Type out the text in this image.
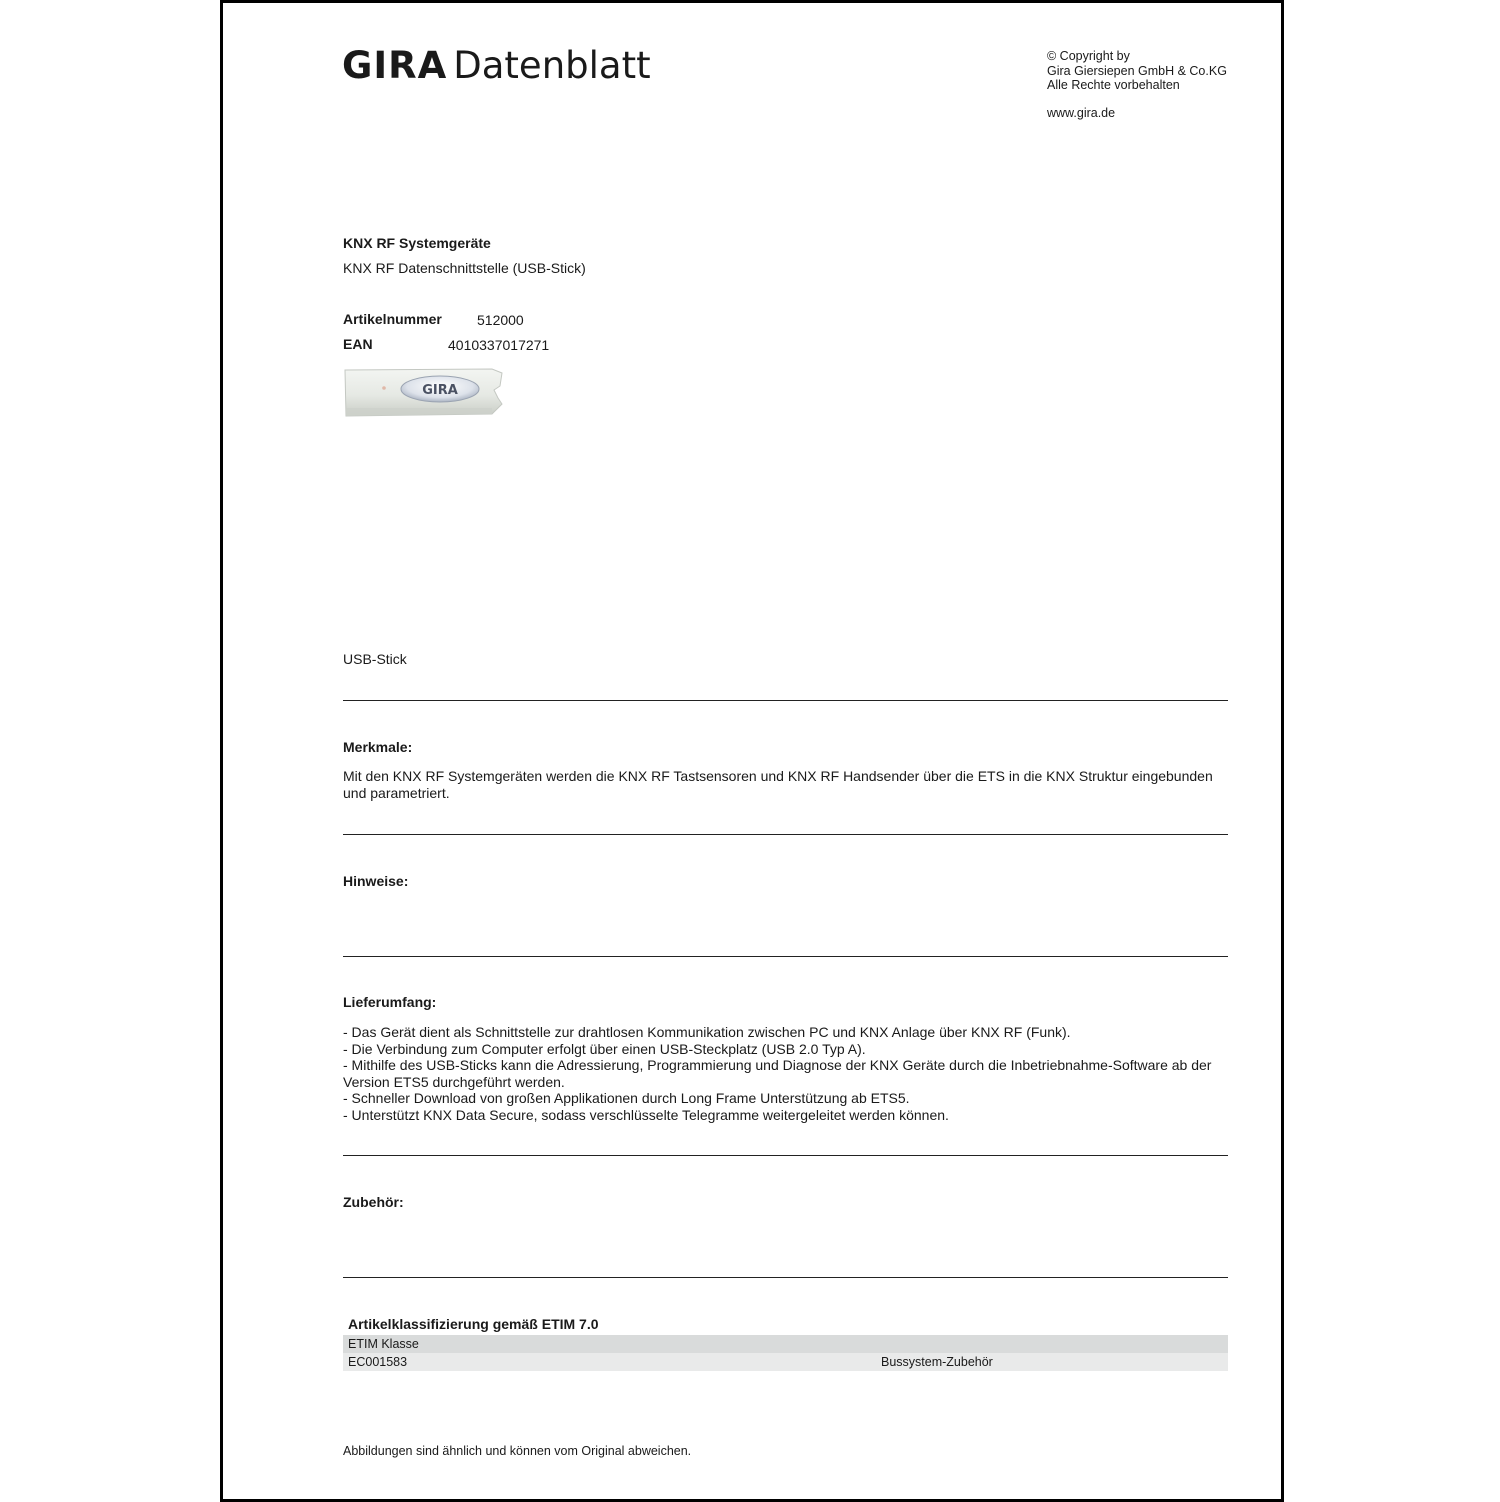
GIRA Datenblatt	© Copyright by
Gira Giersiepen GmbH & Co.KG
Alle Rechte vorbehalten
www.gira.de
KNX RF Systemgeräte
KNX RF Datenschnittstelle (USB-Stick)
Artikelnummer	512000
EAN	4010337017271
GIRA
USB-Stick
Merkmale:
Mit den KNX RF Systemgeräten werden die KNX RF Tastsensoren und KNX RF Handsender über die ETS in die KNX Struktur eingebunden und parametriert.
Hinweise:
Lieferumfang:
- Das Gerät dient als Schnittstelle zur drahtlosen Kommunikation zwischen PC und KNX Anlage über KNX RF (Funk).
- Die Verbindung zum Computer erfolgt über einen USB-Steckplatz (USB 2.0 Typ A).
- Mithilfe des USB-Sticks kann die Adressierung, Programmierung und Diagnose der KNX Geräte durch die Inbetriebnahme-Software ab der
Version ETS5 durchgeführt werden.
- Schneller Download von großen Applikationen durch Long Frame Unterstützung ab ETS5.
- Unterstützt KNX Data Secure, sodass verschlüsselte Telegramme weitergeleitet werden können.
Zubehör:
Artikelklassifizierung gemäß ETIM 7.0
ETIM Klasse
EC001583	Bussystem-Zubehör
Abbildungen sind ähnlich und können vom Original abweichen.
